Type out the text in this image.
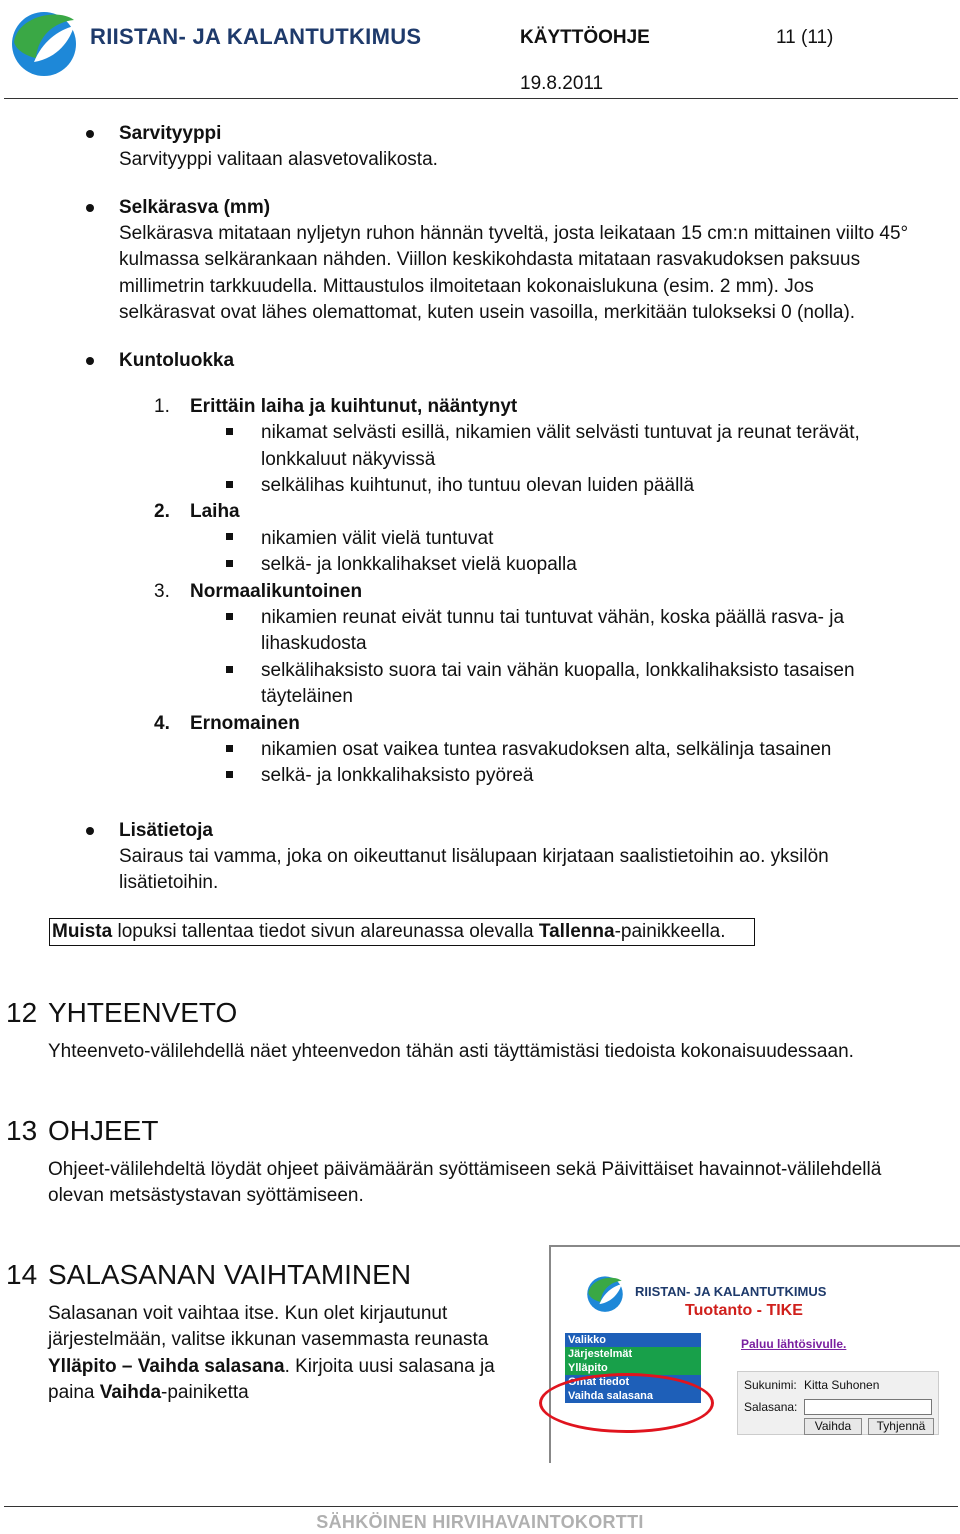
RIISTAN- JA KALANTUTKIMUS	KÄYTTÖOHJE	11 (11)
19.8.2011
Sarvityyppi
Sarvityyppi valitaan alasvetovalikosta.
Selkärasva (mm)
Selkärasva mitataan nyljetyn ruhon hännän tyveltä, josta leikataan 15 cm:n mittainen viilto 45°
kulmassa selkärankaan nähden. Viillon keskikohdasta mitataan rasvakudoksen paksuus
millimetrin tarkkuudella. Mittaustulos ilmoitetaan kokonaislukuna (esim. 2 mm). Jos
selkärasvat ovat lähes olemattomat, kuten usein vasoilla, merkitään tulokseksi 0 (nolla).
Kuntoluokka
1. Erittäin laiha ja kuihtunut, nääntynyt
nikamat selvästi esillä, nikamien välit selvästi tuntuvat ja reunat terävät,
lonkkaluut näkyvissä
selkälihas kuihtunut, iho tuntuu olevan luiden päällä
2. Laiha
nikamien välit vielä tuntuvat
selkä- ja lonkkalihakset vielä kuopalla
3. Normaalikuntoinen
nikamien reunat eivät tunnu tai tuntuvat vähän, koska päällä rasva- ja
lihaskudosta
selkälihaksisto suora tai vain vähän kuopalla, lonkkalihaksisto tasaisen
täyteläinen
4. Ernomainen
nikamien osat vaikea tuntea rasvakudoksen alta, selkälinja tasainen
selkä- ja lonkkalihaksisto pyöreä
Lisätietoja
Sairaus tai vamma, joka on oikeuttanut lisälupaan kirjataan saalistietoihin ao. yksilön
lisätietoihin.
Muista lopuksi tallentaa tiedot sivun alareunassa olevalla Tallenna-painikkeella.
12 YHTEENVETO
Yhteenveto-välilehdellä näet yhteenvedon tähän asti täyttämistäsi tiedoista kokonaisuudessaan.
13 OHJEET
Ohjeet-välilehdeltä löydät ohjeet päivämäärän syöttämiseen sekä Päivittäiset havainnot-välilehdellä
olevan metsästystavan syöttämiseen.
14 SALASANAN VAIHTAMINEN
Salasanan voit vaihtaa itse. Kun olet kirjautunut
järjestelmään, valitse ikkunan vasemmasta reunasta
Ylläpito – Vaihda salasana. Kirjoita uusi salasana ja
paina Vaihda-painiketta
RIISTAN- JA KALANTUTKIMUS
Tuotanto - TIKE
Valikko
Järjestelmät
Ylläpito
Omat tiedot
Vaihda salasana
Paluu lähtösivulle.
Sukunimi: Kitta Suhonen
Salasana:
Vaihda	Tyhjennä
SÄHKÖINEN HIRVIHAVAINTOKORTTI
